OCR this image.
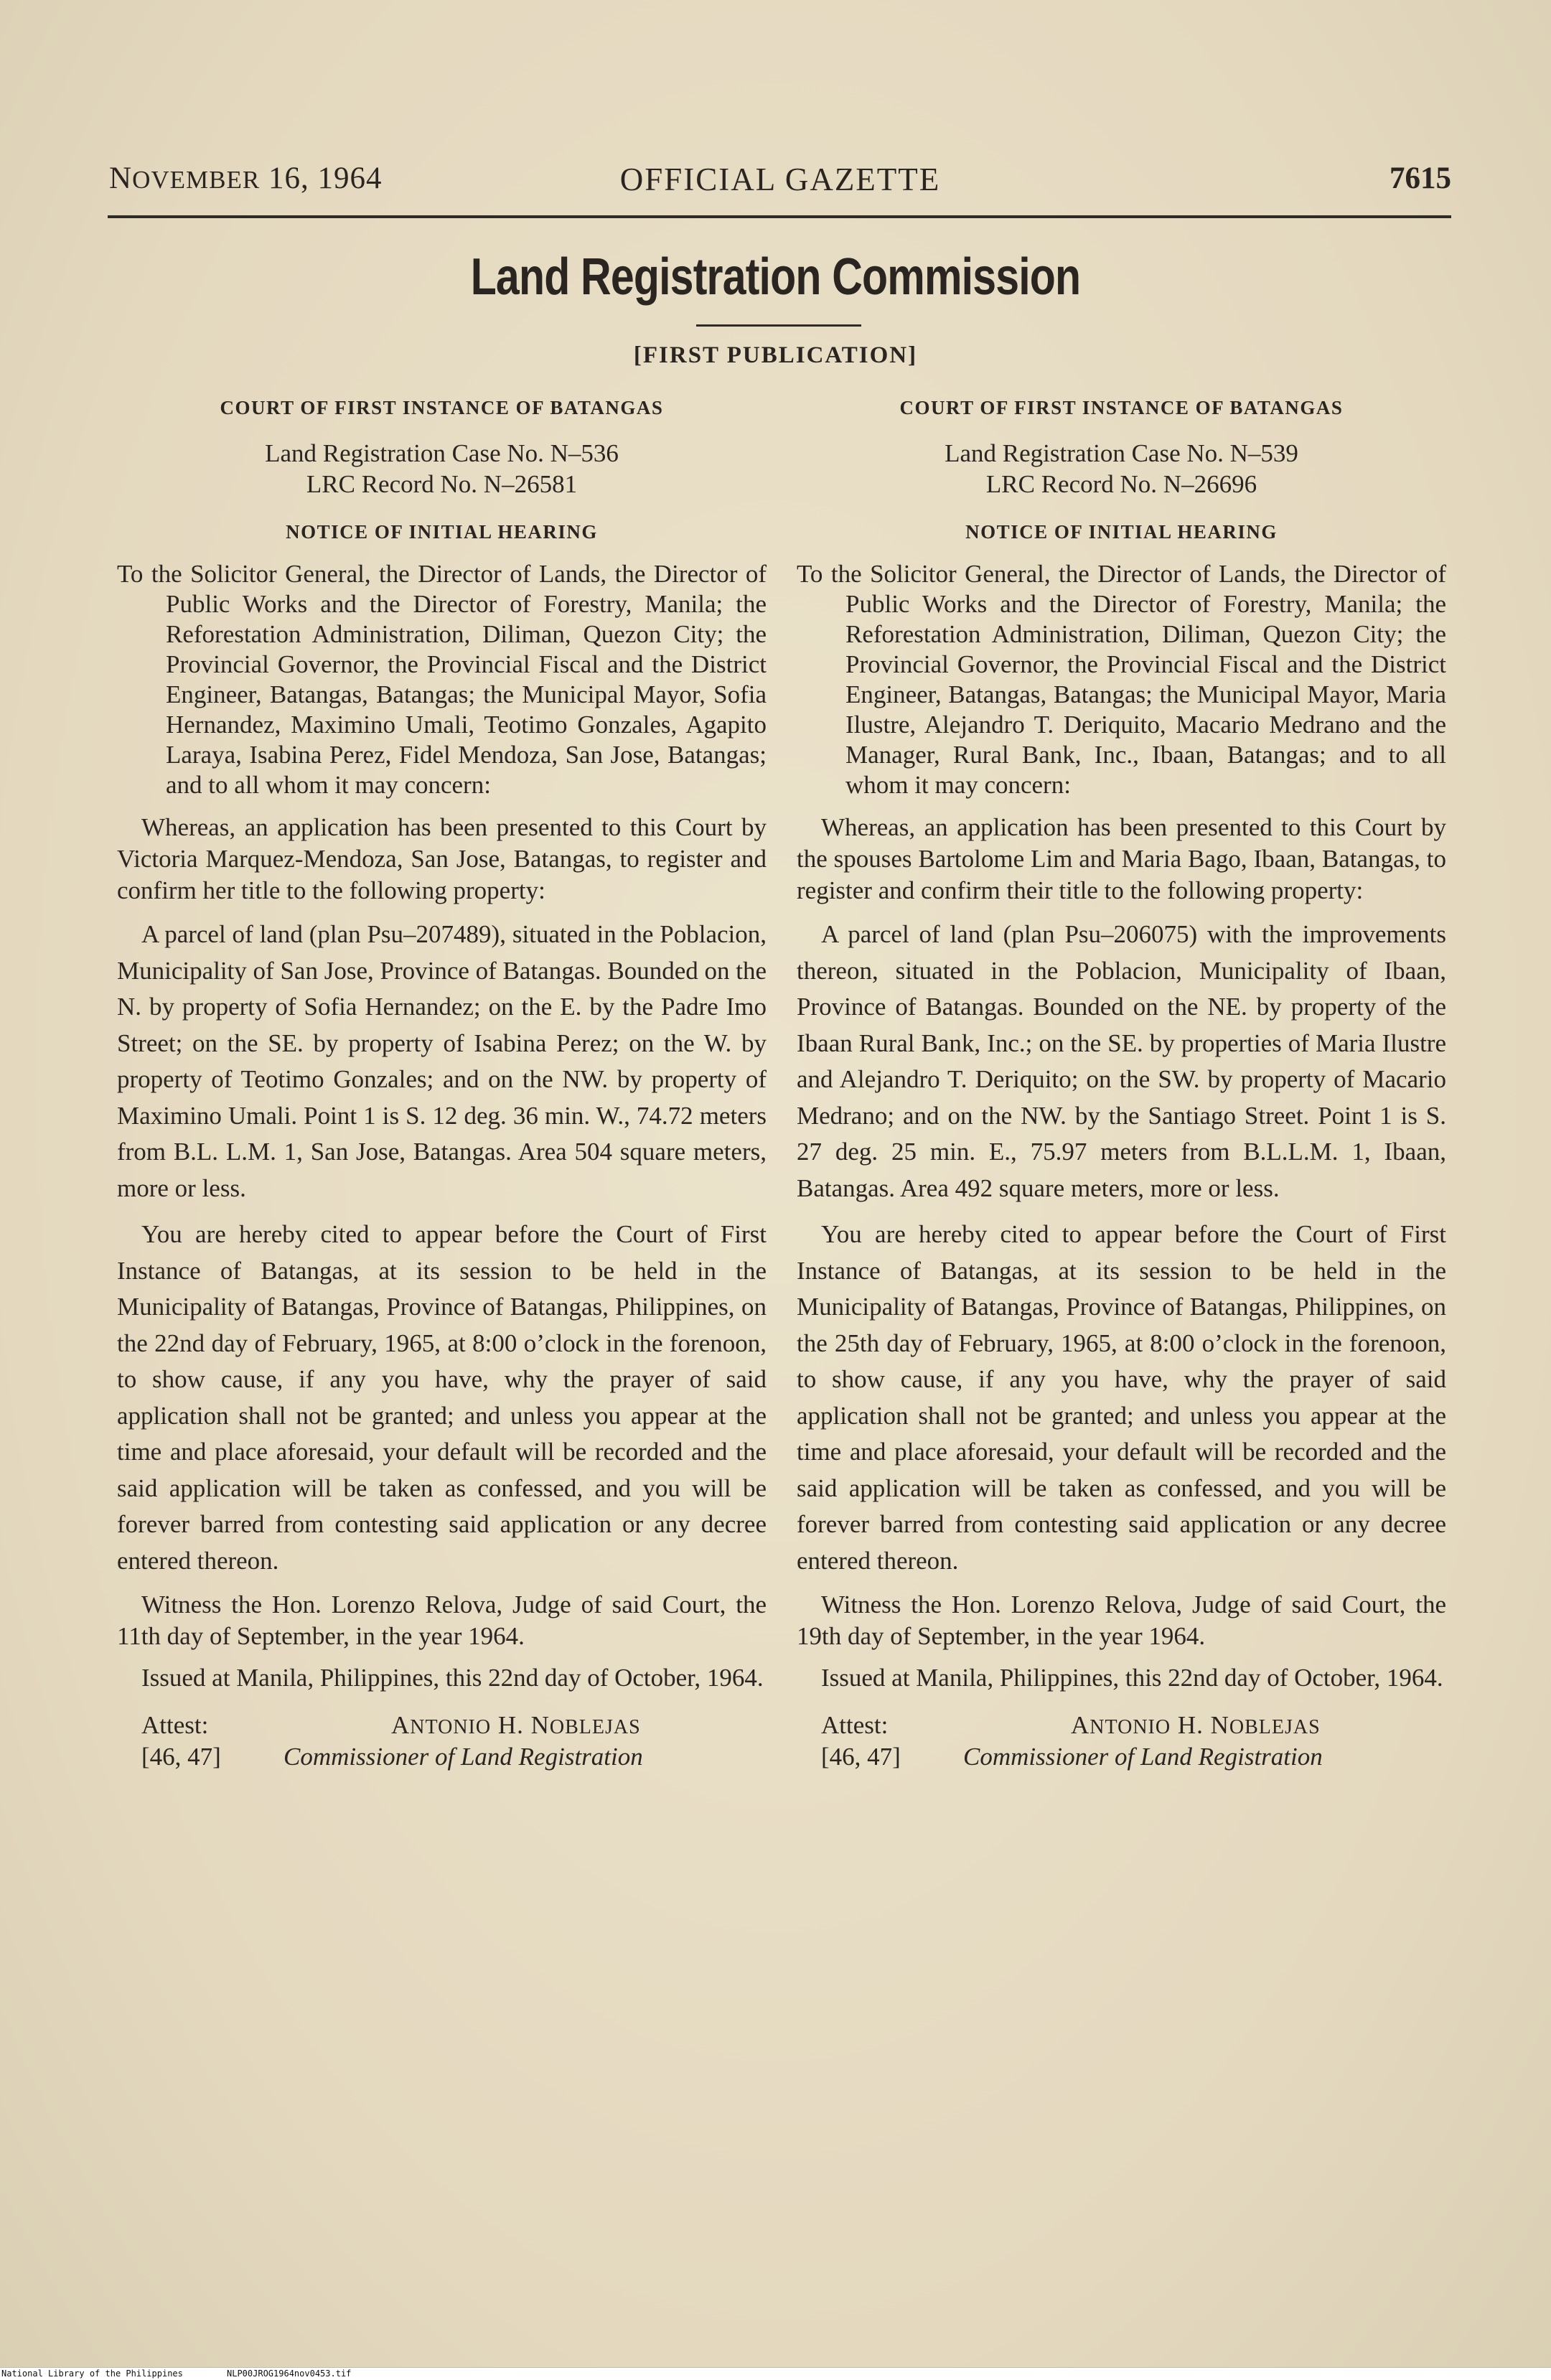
NOVEMBER 16, 1964	OFFICIAL GAZETTE	7615
Land Registration Commission
[FIRST PUBLICATION]
COURT OF FIRST INSTANCE OF BATANGAS
Land Registration Case No. N–536
LRC Record No. N–26581
NOTICE OF INITIAL HEARING

To the Solicitor General, the Director of Lands, the Director of Public Works and the Director of Forestry, Manila; the Reforestation Administration, Diliman, Quezon City; the Provincial Governor, the Provincial Fiscal and the District Engineer, Batangas, Batangas; the Municipal Mayor, Sofia Hernandez, Maximino Umali, Teotimo Gonzales, Agapito Laraya, Isabina Perez, Fidel Mendoza, San Jose, Batangas; and to all whom it may concern:

Whereas, an application has been presented to this Court by Victoria Marquez-Mendoza, San Jose, Batangas, to register and confirm her title to the following property:

A parcel of land (plan Psu–207489), situated in the Poblacion, Municipality of San Jose, Province of Batangas. Bounded on the N. by property of Sofia Hernandez; on the E. by the Padre Imo Street; on the SE. by property of Isabina Perez; on the W. by property of Teotimo Gonzales; and on the NW. by property of Maximino Umali. Point 1 is S. 12 deg. 36 min. W., 74.72 meters from B.L. L.M. 1, San Jose, Batangas. Area 504 square meters, more or less.

You are hereby cited to appear before the Court of First Instance of Batangas, at its session to be held in the Municipality of Batangas, Province of Batangas, Philippines, on the 22nd day of February, 1965, at 8:00 o’clock in the forenoon, to show cause, if any you have, why the prayer of said application shall not be granted; and unless you appear at the time and place aforesaid, your default will be recorded and the said application will be taken as confessed, and you will be forever barred from contesting said application or any decree entered thereon.

Witness the Hon. Lorenzo Relova, Judge of said Court, the 11th day of September, in the year 1964.

Issued at Manila, Philippines, this 22nd day of October, 1964.

Attest:	ANTONIO H. NOBLEJAS
[46, 47] Commissioner of Land Registration
COURT OF FIRST INSTANCE OF BATANGAS
Land Registration Case No. N–539
LRC Record No. N–26696
NOTICE OF INITIAL HEARING

To the Solicitor General, the Director of Lands, the Director of Public Works and the Director of Forestry, Manila; the Reforestation Administration, Diliman, Quezon City; the Provincial Governor, the Provincial Fiscal and the District Engineer, Batangas, Batangas; the Municipal Mayor, Maria Ilustre, Alejandro T. Deriquito, Macario Medrano and the Manager, Rural Bank, Inc., Ibaan, Batangas; and to all whom it may concern:

Whereas, an application has been presented to this Court by the spouses Bartolome Lim and Maria Bago, Ibaan, Batangas, to register and confirm their title to the following property:

A parcel of land (plan Psu–206075) with the improvements thereon, situated in the Poblacion, Municipality of Ibaan, Province of Batangas. Bounded on the NE. by property of the Ibaan Rural Bank, Inc.; on the SE. by properties of Maria Ilustre and Alejandro T. Deriquito; on the SW. by property of Macario Medrano; and on the NW. by the Santiago Street. Point 1 is S. 27 deg. 25 min. E., 75.97 meters from B.L.L.M. 1, Ibaan, Batangas. Area 492 square meters, more or less.

You are hereby cited to appear before the Court of First Instance of Batangas, at its session to be held in the Municipality of Batangas, Province of Batangas, Philippines, on the 25th day of February, 1965, at 8:00 o’clock in the forenoon, to show cause, if any you have, why the prayer of said application shall not be granted; and unless you appear at the time and place aforesaid, your default will be recorded and the said application will be taken as confessed, and you will be forever barred from contesting said application or any decree entered thereon.

Witness the Hon. Lorenzo Relova, Judge of said Court, the 19th day of September, in the year 1964.

Issued at Manila, Philippines, this 22nd day of October, 1964.

Attest:	ANTONIO H. NOBLEJAS
[46, 47] Commissioner of Land Registration
National Library of the Philippines	NLP00JROG1964nov0453.tif
